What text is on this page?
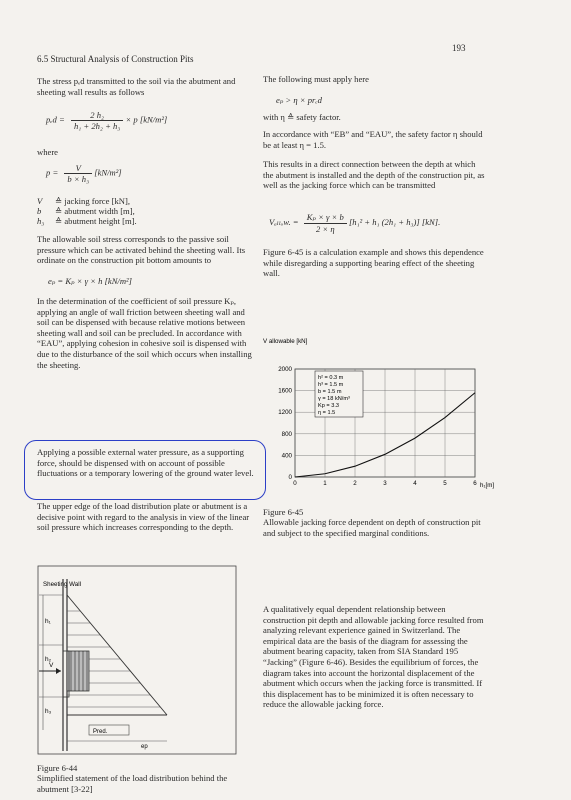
6.5 Structural Analysis of Construction Pits
193

The stress pₑd transmitted to the soil via the abutment and sheeting wall results as follows

$p_ed = \frac{\text{2 h₂}}{\text{h₁ + 2h₂ + h₃}} \times p$ [kN/m²]
where
$p = \frac{V}{\text{b × h₃}} [kN/m^2]$
V	≙ jacking force [kN],
b	≙ abutment width [m],
h₃	≙ abutment height [m].

The allowable soil stress corresponds to the passive soil pressure which can be activated behind the sheeting wall. Its ordinate on the construction pit bottom amounts to

eₚ = Kₚ × γ × h [kN/m²]

In the determination of the coefficient of soil pressure Kₚ, applying an angle of wall friction between sheeting wall and soil can be dispensed with because relative motions between sheeting wall and soil can be precluded. In accordance with “EAU”, applying cohesion in cohesive soil is dispensed with due to the disturbance of the soil which occurs when installing the sheeting.

Applying a possible external water pressure, as a supporting force, should be dispensed with on account of possible fluctuations or a temporary lowering of the ground water level.

The upper edge of the load distribution plate or abutment is a decisive point with regard to the analysis in view of the linear soil pressure which increases corresponding to the depth.

Sheeting Wall
h₁
h₂
h₃
V
Pred.
ep
Figure 6-44
Simplified statement of the load distribution behind the abutment [3-22]

The following must apply here

eₚ > η × prₑd

with η ≙ safety factor.

In accordance with “EB” and “EAU”, the safety factor η should be at least η = 1.5.

This results in a direct connection between the depth at which the abutment is installed and the depth of the construction pit, as well as the jacking force which can be transmitted

Vₐₗₗₒw. = $\frac{\text{Kₚ × γ × b}}{2 \times \eta} [h_1^2 + h_1$ (2h₁ + h₃)] [kN].

Figure 6-45 is a calculation example and shows this dependence while disregarding a supporting bearing effect of the sheeting wall.

V allowable [kN]
0
400
800
1200
1600
2000
0	1	2	3	4	5	6
h² = 0.3 m
h³ = 1.5 m
b = 1.5 m
γ = 18 kN/m³
Kp = 3.3
η = 1.5
h₁[m]
Figure 6-45
Allowable jacking force dependent on depth of construction pit and subject to the specified marginal conditions.

A qualitatively equal dependent relationship between construction pit depth and allowable jacking force resulted from analyzing relevant experience gained in Switzerland. The empirical data are the basis of the diagram for assessing the abutment bearing capacity, taken from SIA Standard 195 “Jacking” (Figure 6-46). Besides the equilibrium of forces, the diagram takes into account the horizontal displacement of the abutment which occurs when the jacking force is transmitted. If this displacement has to be minimized it is often necessary to reduce the allowable jacking force.
